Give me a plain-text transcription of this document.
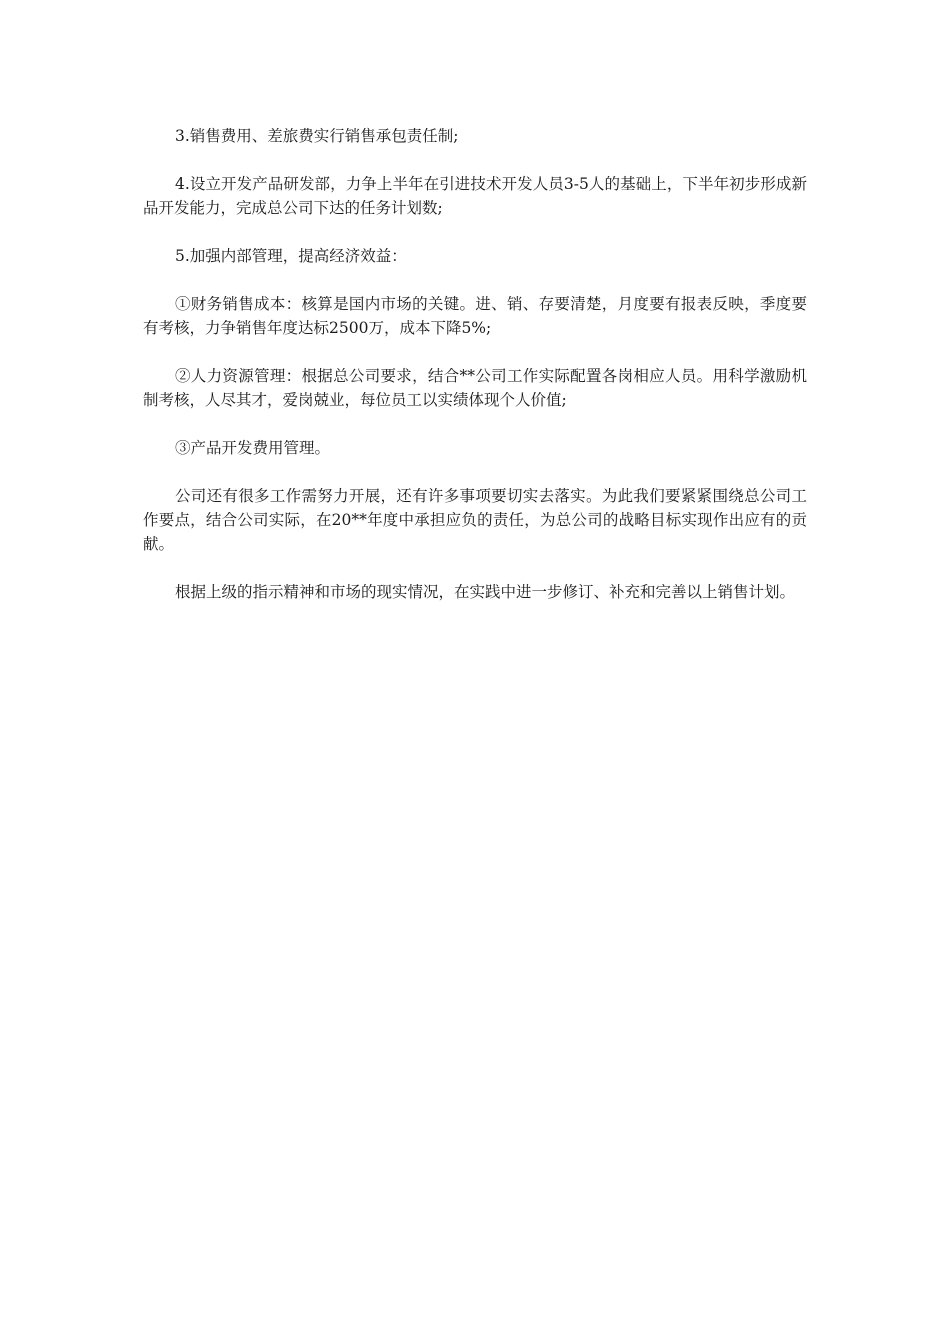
3.销售费用、差旅费实行销售承包责任制;

4.设立开发产品研发部，力争上半年在引进技术开发人员3-5人的基础上，下半年初步形成新品开发能力，完成总公司下达的任务计划数;

5.加强内部管理，提高经济效益：

①财务销售成本：核算是国内市场的关键。进、销、存要清楚，月度要有报表反映，季度要有考核，力争销售年度达标2500万，成本下降5%;

②人力资源管理：根据总公司要求，结合**公司工作实际配置各岗相应人员。用科学激励机制考核，人尽其才，爱岗兢业，每位员工以实绩体现个人价值;

③产品开发费用管理。

公司还有很多工作需努力开展，还有许多事项要切实去落实。为此我们要紧紧围绕总公司工作要点，结合公司实际，在20**年度中承担应负的责任，为总公司的战略目标实现作出应有的贡献。

根据上级的指示精神和市场的现实情况，在实践中进一步修订、补充和完善以上销售计划。
